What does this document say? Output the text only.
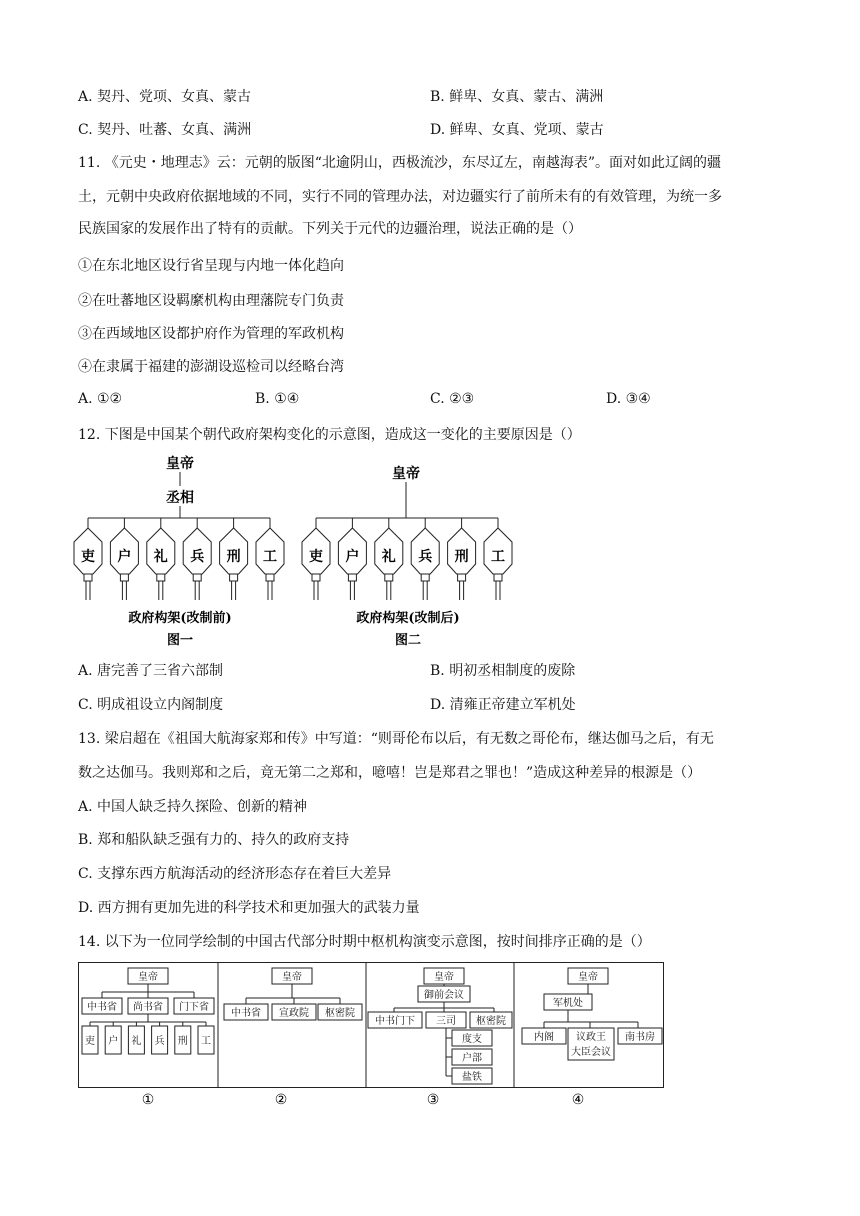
A. 契丹、党项、女真、蒙古	B. 鲜卑、女真、蒙古、满洲
C. 契丹、吐蕃、女真、满洲	D. 鲜卑、女真、党项、蒙古
11. 《元史・地理志》云：元朝的版图“北逾阴山，西极流沙，东尽辽左，南越海表”。面对如此辽阔的疆
土，元朝中央政府依据地域的不同，实行不同的管理办法，对边疆实行了前所未有的有效管理，为统一多
民族国家的发展作出了特有的贡献。下列关于元代的边疆治理，说法正确的是（）
①在东北地区设行省呈现与内地一体化趋向
②在吐蕃地区设羁縻机构由理藩院专门负责
③在西域地区设都护府作为管理的军政机构
④在隶属于福建的澎湖设巡检司以经略台湾
A. ①②	B. ①④	C. ②③	D. ③④
12. 下图是中国某个朝代政府架构变化的示意图，造成这一变化的主要原因是（）
皇帝
丞相
吏 户 礼 兵 刑 工
政府构架(改制前)
图一
皇帝
吏 户 礼 兵 刑 工
政府构架(改制后)
图二
A. 唐完善了三省六部制	B. 明初丞相制度的废除
C. 明成祖设立内阁制度	D. 清雍正帝建立军机处
13. 梁启超在《祖国大航海家郑和传》中写道：“则哥伦布以后，有无数之哥伦布，继达伽马之后，有无
数之达伽马。我则郑和之后，竟无第二之郑和，噫嘻！岂是郑君之罪也！”造成这种差异的根源是（）
A. 中国人缺乏持久探险、创新的精神
B. 郑和船队缺乏强有力的、持久的政府支持
C. 支撑东西方航海活动的经济形态存在着巨大差异
D. 西方拥有更加先进的科学技术和更加强大的武装力量
14. 以下为一位同学绘制的中国古代部分时期中枢机构演变示意图，按时间排序正确的是（）
皇帝
中书省 尚书省 门下省
吏 户 礼 兵 刑 工
①
皇帝
中书省 宣政院 枢密院
②
皇帝
御前会议
中书门下 三司 枢密院
度支
户部
盐铁
③
皇帝
军机处
内阁 议政王
大臣会议
南书房
④
